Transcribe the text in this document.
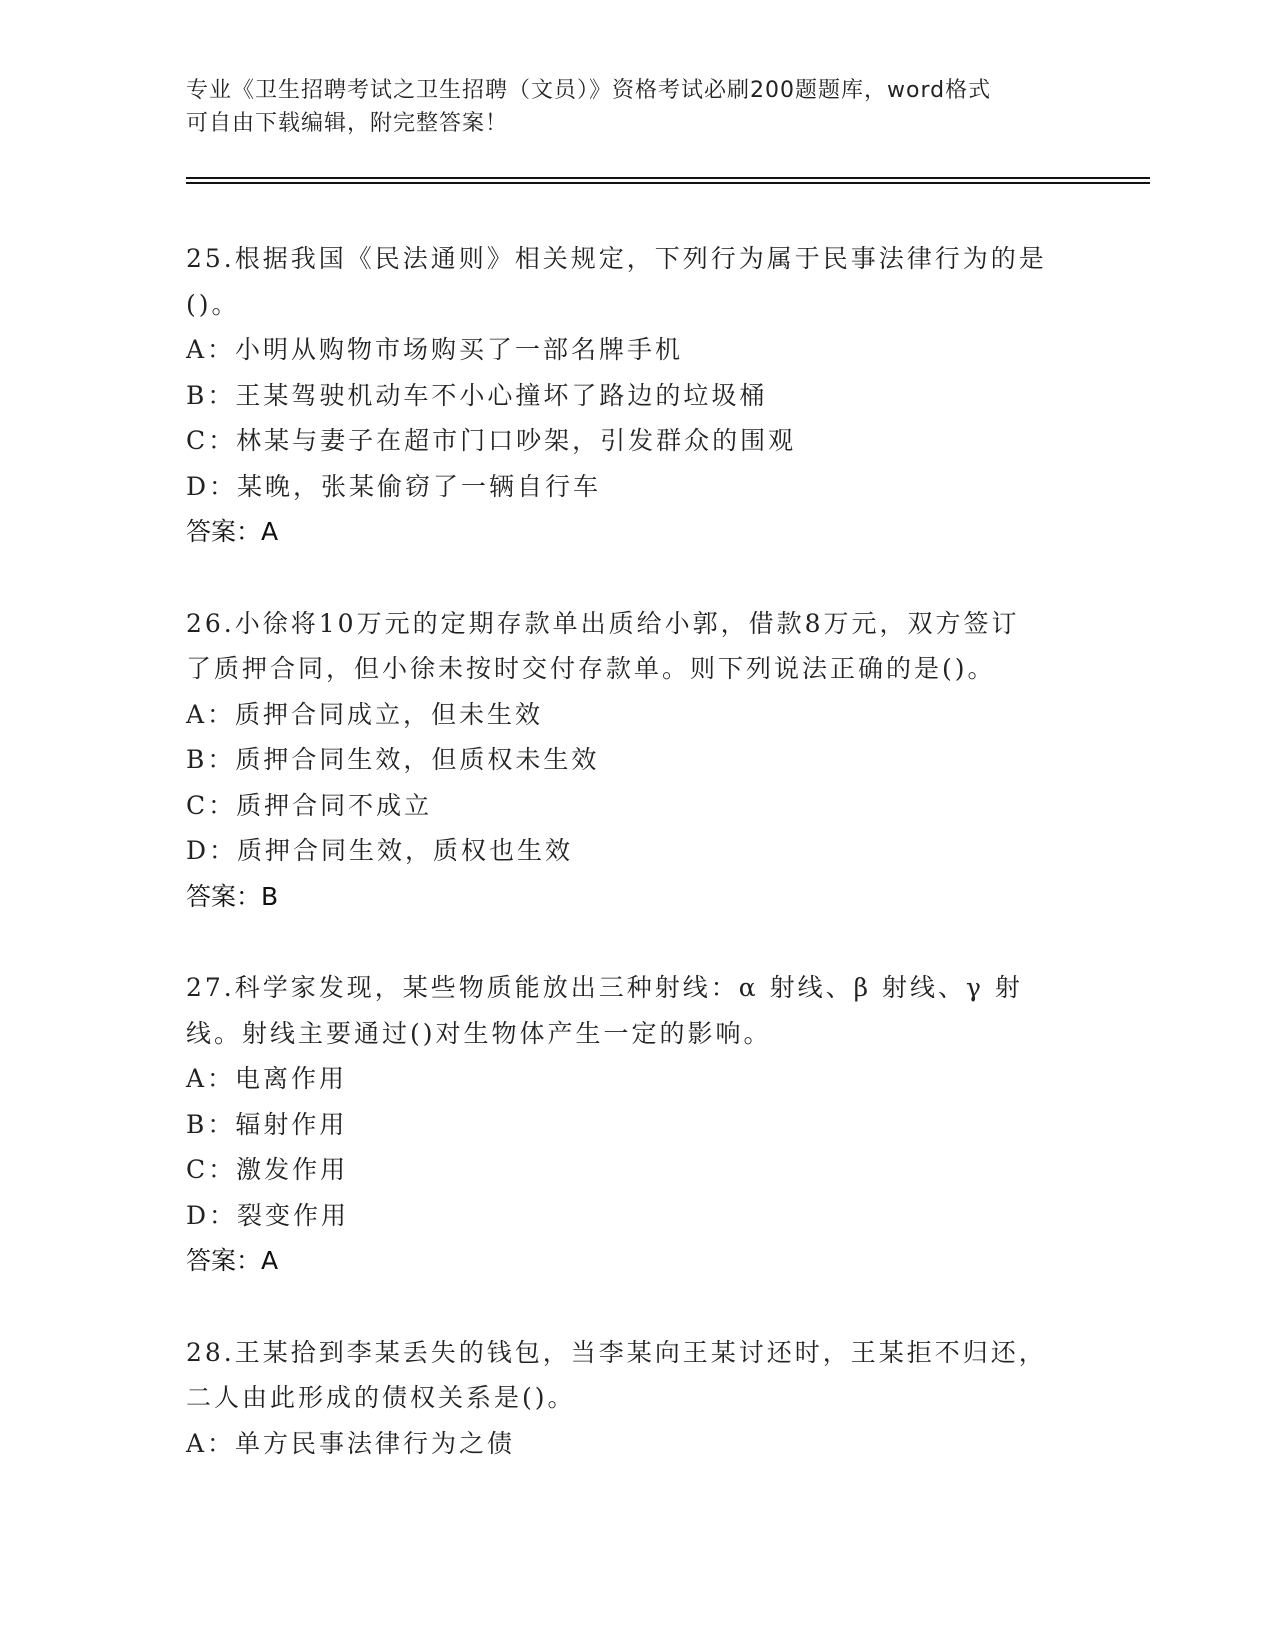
专业《卫生招聘考试之卫生招聘（文员）》资格考试必刷200题题库，word格式
可自由下载编辑，附完整答案！
25.根据我国《民法通则》相关规定，下列行为属于民事法律行为的是
()。
A：小明从购物市场购买了一部名牌手机
B：王某驾驶机动车不小心撞坏了路边的垃圾桶
C：林某与妻子在超市门口吵架，引发群众的围观
D：某晚，张某偷窃了一辆自行车
答案：A
26.小徐将10万元的定期存款单出质给小郭，借款8万元，双方签订
了质押合同，但小徐未按时交付存款单。则下列说法正确的是()。
A：质押合同成立，但未生效
B：质押合同生效，但质权未生效
C：质押合同不成立
D：质押合同生效，质权也生效
答案：B
27.科学家发现，某些物质能放出三种射线：α 射线、β 射线、γ 射
线。射线主要通过()对生物体产生一定的影响。
A：电离作用
B：辐射作用
C：激发作用
D：裂变作用
答案：A
28.王某拾到李某丢失的钱包，当李某向王某讨还时，王某拒不归还，
二人由此形成的债权关系是()。
A：单方民事法律行为之债
